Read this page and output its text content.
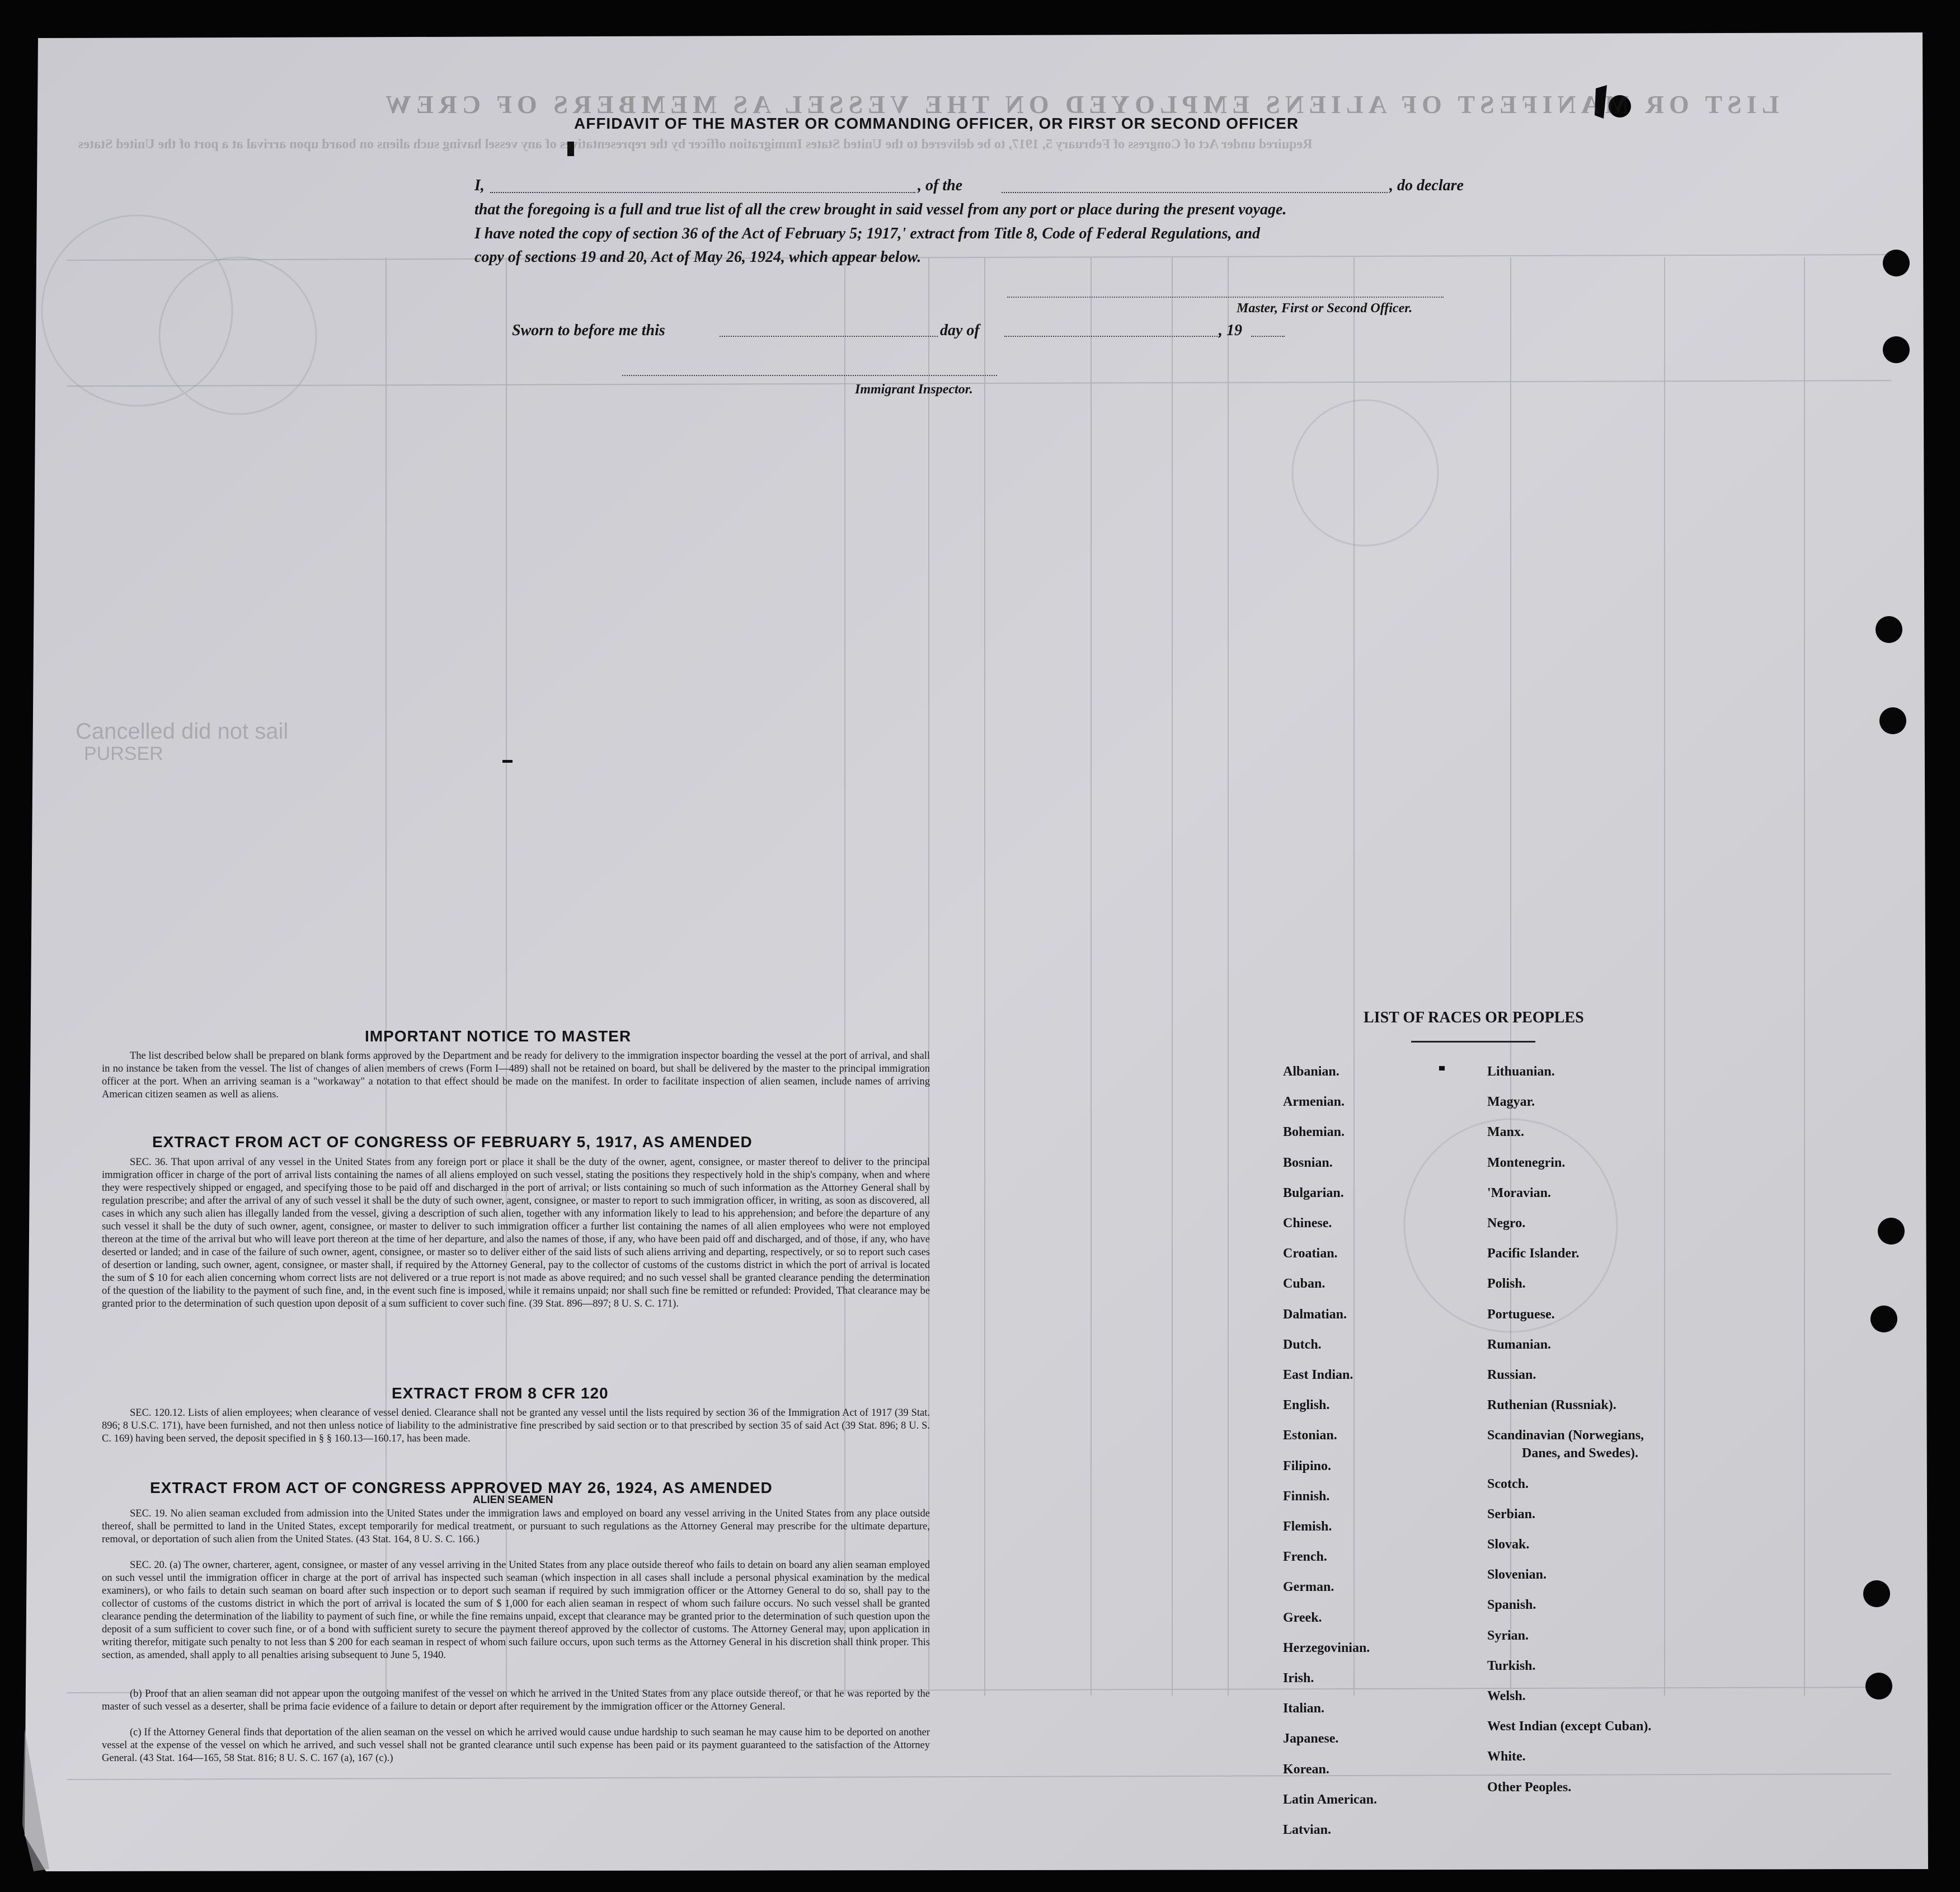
LIST OR MANIFEST OF ALIENS EMPLOYED ON THE VESSEL AS MEMBERS OF CREW
Required under Act of Congress of February 5, 1917, to be delivered to the United States Immigration officer by the representatives of any vessel having such aliens on board upon arrival at a port of the United States
Cancelled did not sail
PURSER
AFFIDAVIT OF THE MASTER OR COMMANDING OFFICER, OR FIRST OR SECOND OFFICER
I,	, of the	, do declare
that the foregoing is a full and true list of all the crew brought in said vessel from any port or place during the present voyage.
I have noted the copy of section 36 of the Act of February 5; 1917,' extract from Title 8, Code of Federal Regulations, and
copy of sections 19 and 20, Act of May 26, 1924, which appear below.
Master, First or Second Officer.
Sworn to before me this	day of	, 19
Immigrant Inspector.
IMPORTANT NOTICE TO MASTER
The list described below shall be prepared on blank forms approved by the Department and be ready for delivery to the immigration inspector boarding the vessel at the port of arrival, and shall in no instance be taken from the vessel. The list of changes of alien members of crews (Form I—489) shall not be retained on board, but shall be delivered by the master to the principal immigration officer at the port. When an arriving seaman is a "workaway" a notation to that effect should be made on the manifest. In order to facilitate inspection of alien seamen, include names of arriving American citizen seamen as well as aliens.
EXTRACT FROM ACT OF CONGRESS OF FEBRUARY 5, 1917, AS AMENDED
SEC. 36. That upon arrival of any vessel in the United States from any foreign port or place it shall be the duty of the owner, agent, consignee, or master thereof to deliver to the principal immigration officer in charge of the port of arrival lists containing the names of all aliens employed on such vessel, stating the positions they respectively hold in the ship's company, when and where they were respectively shipped or engaged, and specifying those to be paid off and discharged in the port of arrival; or lists containing so much of such information as the Attorney General shall by regulation prescribe; and after the arrival of any of such vessel it shall be the duty of such owner, agent, consignee, or master to report to such immigration officer, in writing, as soon as discovered, all cases in which any such alien has illegally landed from the vessel, giving a description of such alien, together with any information likely to lead to his apprehension; and before the departure of any such vessel it shall be the duty of such owner, agent, consignee, or master to deliver to such immigration officer a further list containing the names of all alien employees who were not employed thereon at the time of the arrival but who will leave port thereon at the time of her departure, and also the names of those, if any, who have been paid off and discharged, and of those, if any, who have deserted or landed; and in case of the failure of such owner, agent, consignee, or master so to deliver either of the said lists of such aliens arriving and departing, respectively, or so to report such cases of desertion or landing, such owner, agent, consignee, or master shall, if required by the Attorney General, pay to the collector of customs of the customs district in which the port of arrival is located the sum of $ 10 for each alien concerning whom correct lists are not delivered or a true report is not made as above required; and no such vessel shall be granted clearance pending the determination of the question of the liability to the payment of such fine, and, in the event such fine is imposed, while it remains unpaid; nor shall such fine be remitted or refunded: Provided, That clearance may be granted prior to the determination of such question upon deposit of a sum sufficient to cover such fine. (39 Stat. 896—897; 8 U. S. C. 171).
EXTRACT FROM 8 CFR 120
SEC. 120.12. Lists of alien employees; when clearance of vessel denied. Clearance shall not be granted any vessel until the lists required by section 36 of the Immigration Act of 1917 (39 Stat. 896; 8 U.S.C. 171), have been furnished, and not then unless notice of liability to the administrative fine prescribed by said section or to that prescribed by section 35 of said Act (39 Stat. 896; 8 U. S. C. 169) having been served, the deposit specified in § § 160.13—160.17, has been made.
EXTRACT FROM ACT OF CONGRESS APPROVED MAY 26, 1924, AS AMENDED
ALIEN SEAMEN
SEC. 19. No alien seaman excluded from admission into the United States under the immigration laws and employed on board any vessel arriving in the United States from any place outside thereof, shall be permitted to land in the United States, except temporarily for medical treatment, or pursuant to such regulations as the Attorney General may prescribe for the ultimate departure, removal, or deportation of such alien from the United States. (43 Stat. 164, 8 U. S. C. 166.)
SEC. 20. (a) The owner, charterer, agent, consignee, or master of any vessel arriving in the United States from any place outside thereof who fails to detain on board any alien seaman employed on such vessel until the immigration officer in charge at the port of arrival has inspected such seaman (which inspection in all cases shall include a personal physical examination by the medical examiners), or who fails to detain such seaman on board after such inspection or to deport such seaman if required by such immigration officer or the Attorney General to do so, shall pay to the collector of customs of the customs district in which the port of arrival is located the sum of $ 1,000 for each alien seaman in respect of whom such failure occurs. No such vessel shall be granted clearance pending the determination of the liability to payment of such fine, or while the fine remains unpaid, except that clearance may be granted prior to the determination of such question upon the deposit of a sum sufficient to cover such fine, or of a bond with sufficient surety to secure the payment thereof approved by the collector of customs. The Attorney General may, upon application in writing therefor, mitigate such penalty to not less than $ 200 for each seaman in respect of whom such failure occurs, upon such terms as the Attorney General in his discretion shall think proper. This section, as amended, shall apply to all penalties arising subsequent to June 5, 1940.
(b) Proof that an alien seaman did not appear upon the outgoing manifest of the vessel on which he arrived in the United States from any place outside thereof, or that he was reported by the master of such vessel as a deserter, shall be prima facie evidence of a failure to detain or deport after requirement by the immigration officer or the Attorney General.
(c) If the Attorney General finds that deportation of the alien seaman on the vessel on which he arrived would cause undue hardship to such seaman he may cause him to be deported on another vessel at the expense of the vessel on which he arrived, and such vessel shall not be granted clearance until such expense has been paid or its payment guaranteed to the satisfaction of the Attorney General. (43 Stat. 164—165, 58 Stat. 816; 8 U. S. C. 167 (a), 167 (c).)
LIST OF RACES OR PEOPLES
Albanian.
Armenian.
Bohemian.
Bosnian.
Bulgarian.
Chinese.
Croatian.
Cuban.
Dalmatian.
Dutch.
East Indian.
English.
Estonian.
Filipino.
Finnish.
Flemish.
French.
German.
Greek.
Herzegovinian.
Irish.
Italian.
Japanese.
Korean.
Latin American.
Latvian.
Lithuanian.
Magyar.
Manx.
Montenegrin.
'Moravian.
Negro.
Pacific Islander.
Polish.
Portuguese.
Rumanian.
Russian.
Ruthenian (Russniak).
Scandinavian (Norwegians,
Danes, and Swedes).
Scotch.
Serbian.
Slovak.
Slovenian.
Spanish.
Syrian.
Turkish.
Welsh.
West Indian (except Cuban).
White.
Other Peoples.
